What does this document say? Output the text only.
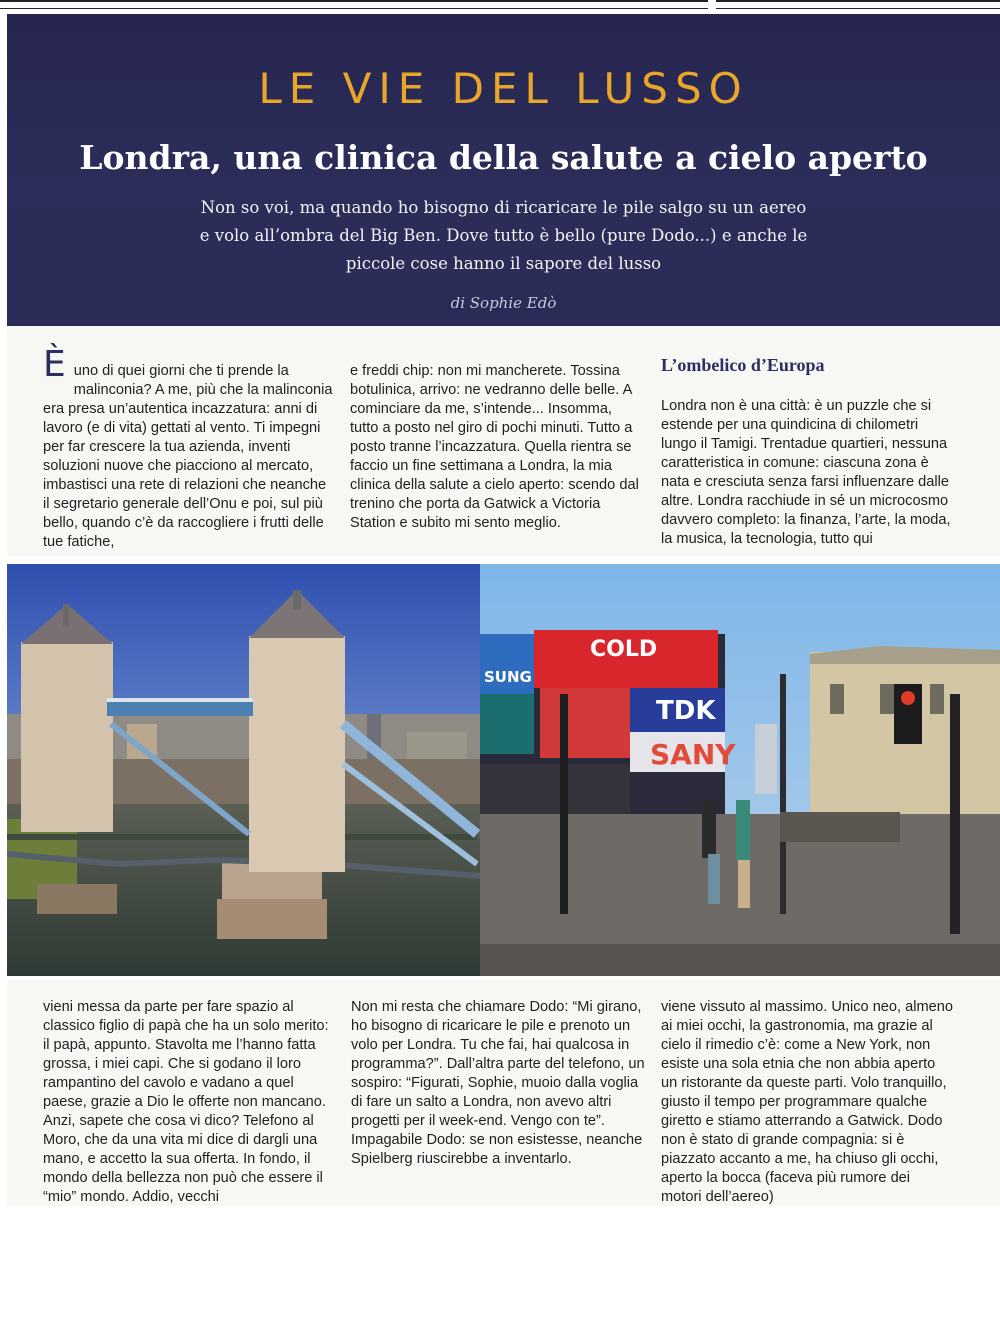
LE VIE DEL LUSSO
Londra, una clinica della salute a cielo aperto
Non so voi, ma quando ho bisogno di ricaricare le pile salgo su un aereo e volo all’ombra del Big Ben. Dove tutto è bello (pure Dodo...) e anche le piccole cose hanno il sapore del lusso
di Sophie Edò
È uno di quei giorni che ti prende la malinconia? A me, più che la malinconia era presa un’autentica incazzatura: anni di lavoro (e di vita) gettati al vento. Ti impegni per far crescere la tua azienda, inventi soluzioni nuove che piacciono al mercato, imbastisci una rete di relazioni che neanche il segretario generale dell’Onu e poi, sul più bello, quando c’è da raccogliere i frutti delle tue fatiche,

e freddi chip: non mi mancherete. Tossina botulinica, arrivo: ne vedranno delle belle. A cominciare da me, s’intende... Insomma, tutto a posto nel giro di pochi minuti. Tutto a posto tranne l’incazzatura. Quella rientra se faccio un fine settimana a Londra, la mia clinica della salute a cielo aperto: scendo dal trenino che porta da Gatwick a Victoria Station e subito mi sento meglio.

L’ombelico d’Europa

Londra non è una città: è un puzzle che si estende per una quindicina di chilometri lungo il Tamigi. Trentadue quartieri, nessuna caratteristica in comune: ciascuna zona è nata e cresciuta senza farsi influenzare dalle altre. Londra racchiude in sé un microcosmo davvero completo: la finanza, l’arte, la moda, la musica, la tecnologia, tutto qui

SUNG
COLD
TDK
SANY

vieni messa da parte per fare spazio al classico figlio di papà che ha un solo merito: il papà, appunto. Stavolta me l’hanno fatta grossa, i miei capi. Che si godano il loro rampantino del cavolo e vadano a quel paese, grazie a Dio le offerte non mancano. Anzi, sapete che cosa vi dico? Telefono al Moro, che da una vita mi dice di dargli una mano, e accetto la sua offerta. In fondo, il mondo della bellezza non può che essere il “mio” mondo. Addio, vecchi

Non mi resta che chiamare Dodo: “Mi girano, ho bisogno di ricaricare le pile e prenoto un volo per Londra. Tu che fai, hai qualcosa in programma?”. Dall’altra parte del telefono, un sospiro: “Figurati, Sophie, muoio dalla voglia di fare un salto a Londra, non avevo altri progetti per il week-end. Vengo con te”. Impagabile Dodo: se non esistesse, neanche Spielberg riuscirebbe a inventarlo.

viene vissuto al massimo. Unico neo, almeno ai miei occhi, la gastronomia, ma grazie al cielo il rimedio c’è: come a New York, non esiste una sola etnia che non abbia aperto un ristorante da queste parti. Volo tranquillo, giusto il tempo per programmare qualche giretto e stiamo atterrando a Gatwick. Dodo non è stato di grande compagnia: si è piazzato accanto a me, ha chiuso gli occhi, aperto la bocca (faceva più rumore dei motori dell’aereo)
